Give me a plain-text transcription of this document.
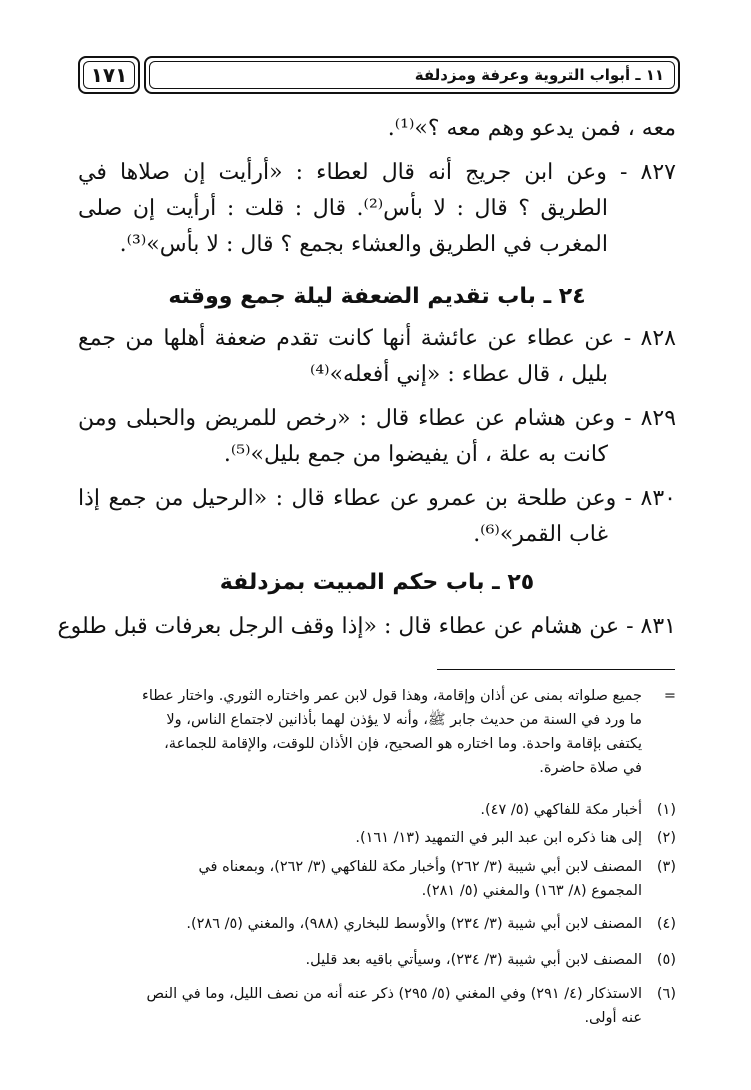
١٧١	١١ ـ أبواب التروية وعرفة ومزدلفة
معه ، فمن يدعو وهم معه ؟»⁽¹⁾.
٨٢٧ - وعن ابن جريج أنه قال لعطاء : «أرأيت إن صلاها في
الطريق ؟ قال : لا بأس⁽²⁾. قال : قلت : أرأيت إن صلى
المغرب في الطريق والعشاء بجمع ؟ قال : لا بأس»⁽³⁾.
٢٤ ـ باب تقديم الضعفة ليلة جمع ووقته
٨٢٨ - عن عطاء عن عائشة أنها كانت تقدم ضعفة أهلها من جمع
بليل ، قال عطاء : «إني أفعله»⁽⁴⁾
٨٢٩ - وعن هشام عن عطاء قال : «رخص للمريض والحبلى ومن
كانت به علة ، أن يفيضوا من جمع بليل»⁽⁵⁾.
٨٣٠ - وعن طلحة بن عمرو عن عطاء قال : «الرحيل من جمع إذا
غاب القمر»⁽⁶⁾.
٢٥ ـ باب حكم المبيت بمزدلفة
٨٣١ - عن هشام عن عطاء قال : «إذا وقف الرجل بعرفات قبل طلوع
=
جميع صلواته بمنى عن أذان وإقامة، وهذا قول لابن عمر واختاره الثوري. واختار عطاء
ما ورد في السنة من حديث جابر ﷺ، وأنه لا يؤذن لهما بأذانين لاجتماع الناس، ولا
يكتفى بإقامة واحدة. وما اختاره هو الصحيح، فإن الأذان للوقت، والإقامة للجماعة،
في صلاة حاضرة.
(١)
أخبار مكة للفاكهي (٥/ ٤٧).
(٢)
إلى هنا ذكره ابن عبد البر في التمهيد (١٣/ ١٦١).
(٣)
المصنف لابن أبي شيبة (٣/ ٢٦٢) وأخبار مكة للفاكهي (٣/ ٢٦٢)، وبمعناه في
المجموع (٨/ ١٦٣) والمغني (٥/ ٢٨١).
(٤)
المصنف لابن أبي شيبة (٣/ ٢٣٤) والأوسط للبخاري (٩٨٨)، والمغني (٥/ ٢٨٦).
(٥)
المصنف لابن أبي شيبة (٣/ ٢٣٤)، وسيأتي باقيه بعد قليل.
(٦)
الاستذكار (٤/ ٢٩١) وفي المغني (٥/ ٢٩٥) ذكر عنه أنه من نصف الليل، وما في النص
عنه أولى.
